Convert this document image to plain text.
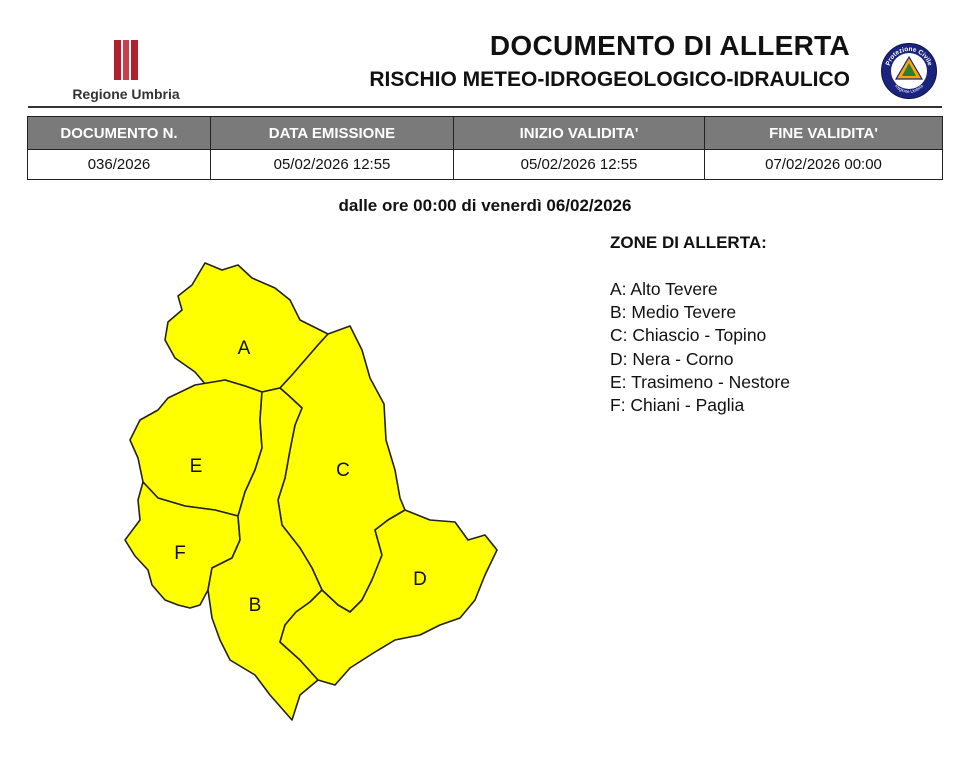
Regione Umbria
DOCUMENTO DI ALLERTA
RISCHIO METEO-IDROGEOLOGICO-IDRAULICO
Protezione Civile
Regione Umbria
DOCUMENTO N.	DATA EMISSIONE	INIZIO VALIDITA'	FINE VALIDITA'
036/2026	05/02/2026 12:55	05/02/2026 12:55	07/02/2026 00:00
dalle ore 00:00 di venerdì 06/02/2026
A
B
C
D
E
F
ZONE DI ALLERTA:
A: Alto Tevere
B: Medio Tevere
C: Chiascio - Topino
D: Nera - Corno
E: Trasimeno - Nestore
F: Chiani - Paglia
